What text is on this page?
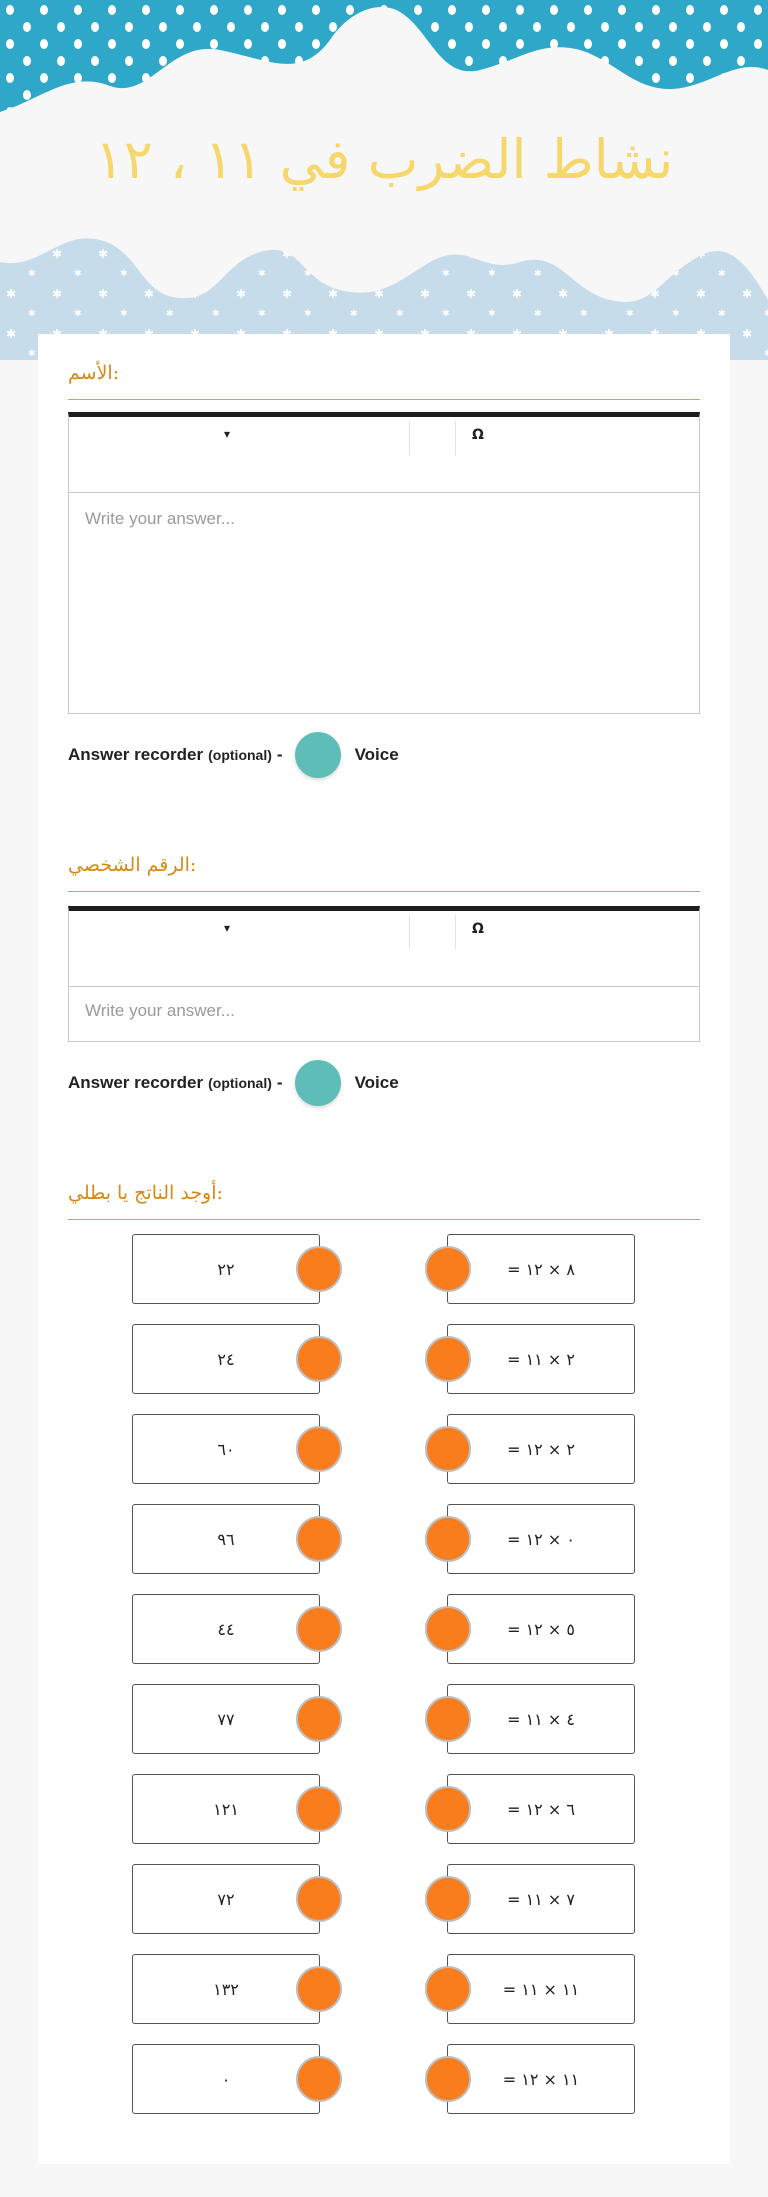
نشاط الضرب في ١١ ، ١٢
الأسم:
▾	Ω
Write your answer...
Answer recorder (optional) -	Voice
الرقم الشخصي:
▾	Ω
Write your answer...
Answer recorder (optional) -	Voice
أوجد الناتج يا بطلي:
٢٢	٨ × ١٢ =
٢٤	٢ × ١١ =
٦٠	٢ × ١٢ =
٩٦	٠ × ١٢ =
٤٤	٥ × ١٢ =
٧٧	٤ × ١١ =
١٢١	٦ × ١٢ =
٧٢	٧ × ١١ =
١٣٢	١١ × ١١ =
٠	١١ × ١٢ =
